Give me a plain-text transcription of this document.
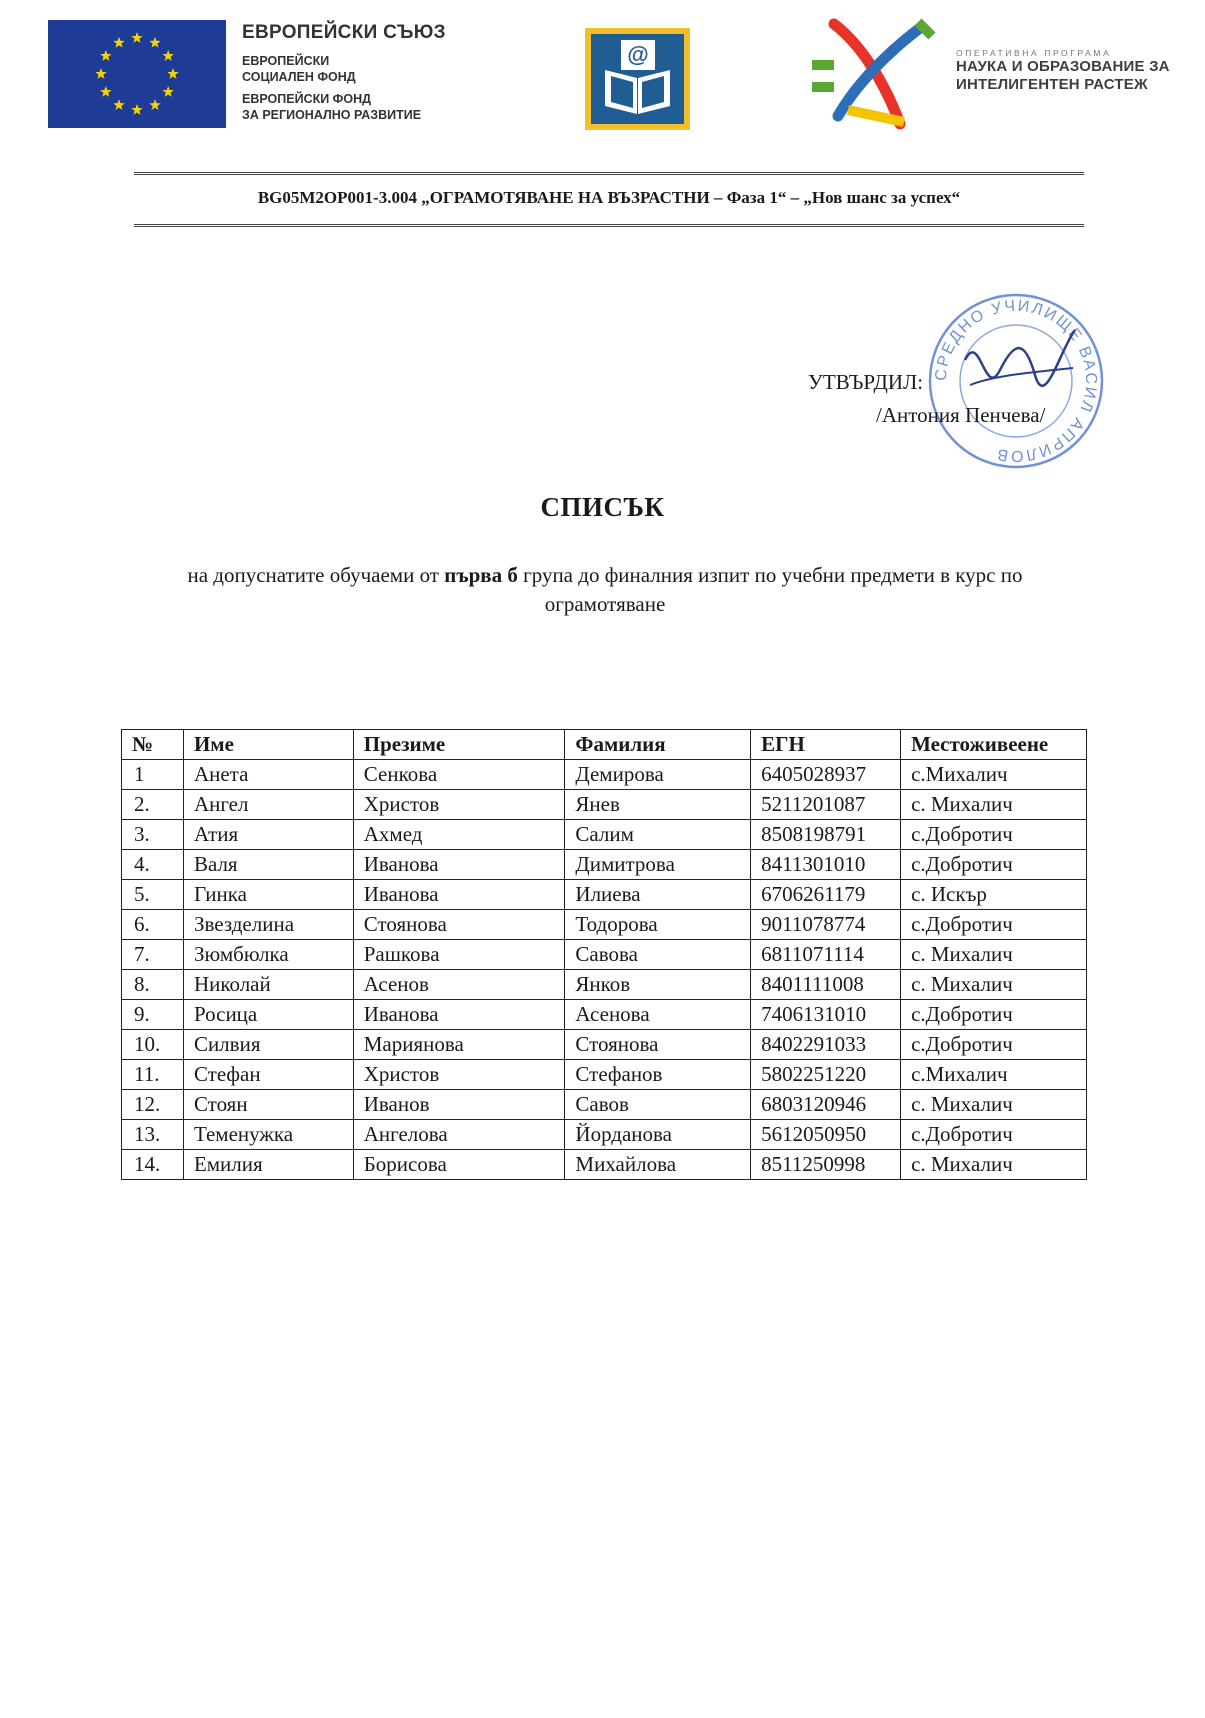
ЕВРОПЕЙСКИ СЪЮЗ
ЕВРОПЕЙСКИ
СОЦИАЛЕН ФОНД
ЕВРОПЕЙСКИ ФОНД
ЗА РЕГИОНАЛНО РАЗВИТИЕ
@	ОПЕРАТИВНА ПРОГРАМА
НАУКА И ОБРАЗОВАНИЕ ЗА
ИНТЕЛИГЕНТЕН РАСТЕЖ
BG05M2OP001-3.004 „ОГРАМОТЯВАНЕ НА ВЪЗРАСТНИ – Фаза 1“ – „Нов шанс за успех“
СРЕДНО УЧИЛИЩЕ ВАСИЛ АПРИЛОВ
УТВЪРДИЛ:
/Антония Пенчева/
СПИСЪК
на допуснатите обучаеми от първа б група до финалния изпит по учебни предмети в курс по ограмотяване
№	Име	Презиме	Фамилия	ЕГН	Местоживеене
1	Анета	Сенкова	Демирова	6405028937	с.Михалич
2.	Ангел	Христов	Янев	5211201087	с. Михалич
3.	Атия	Ахмед	Салим	8508198791	с.Добротич
4.	Валя	Иванова	Димитрова	8411301010	с.Добротич
5.	Гинка	Иванова	Илиева	6706261179	с. Искър
6.	Звезделина	Стоянова	Тодорова	9011078774	с.Добротич
7.	Зюмбюлка	Рашкова	Савова	6811071114	с. Михалич
8.	Николай	Асенов	Янков	8401111008	с. Михалич
9.	Росица	Иванова	Асенова	7406131010	с.Добротич
10.	Силвия	Мариянова	Стоянова	8402291033	с.Добротич
11.	Стефан	Христов	Стефанов	5802251220	с.Михалич
12.	Стоян	Иванов	Савов	6803120946	с. Михалич
13.	Теменужка	Ангелова	Йорданова	5612050950	с.Добротич
14.	Емилия	Борисова	Михайлова	8511250998	с. Михалич
